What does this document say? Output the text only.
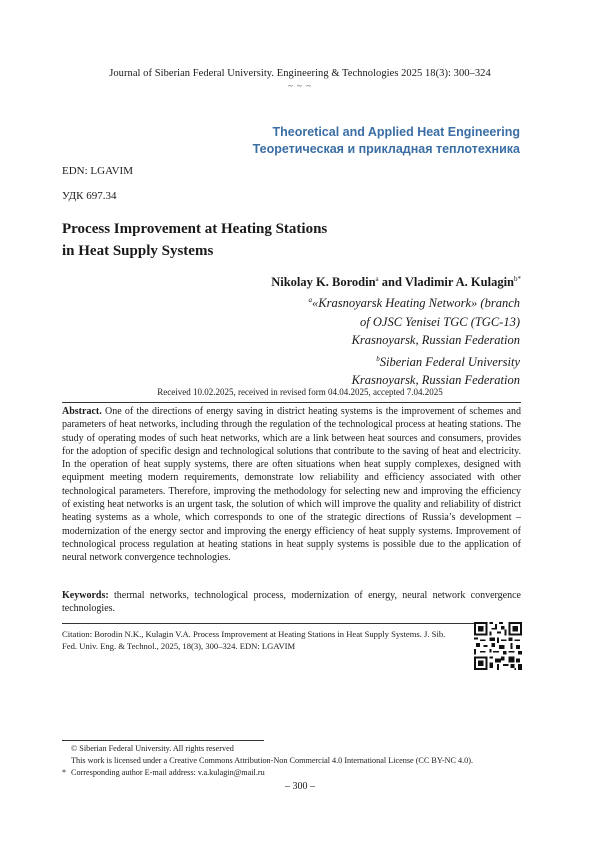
Journal of Siberian Federal University. Engineering & Technologies 2025 18(3): 300–324
~ ~ ~
Theoretical and Applied Heat Engineering
Теоретическая и прикладная теплотехника
EDN: LGAVIM
УДК 697.34
Process Improvement at Heating Stations
in Heat Supply Systems
Nikolay K. Borodin$^a$ and Vladimir A. Kulagin$^{b*}$
$^a$«Krasnoyarsk Heating Network» (branch
of OJSC Yenisei TGC (TGC-13)
Krasnoyarsk, Russian Federation
$^b$Siberian Federal University
Krasnoyarsk, Russian Federation
Received 10.02.2025, received in revised form 04.04.2025, accepted 7.04.2025
Abstract. One of the directions of energy saving in district heating systems is the improvement of schemes and parameters of heat networks, including through the regulation of the technological process at heating stations. The study of operating modes of such heat networks, which are a link between heat sources and consumers, provides for the adoption of specific design and technological solutions that contribute to the saving of heat and electricity. In the operation of heat supply systems, there are often situations when heat supply complexes, designed with equipment meeting modern requirements, demonstrate low reliability and efficiency associated with other technological parameters. Therefore, improving the methodology for selecting new and improving the efficiency of existing heat networks is an urgent task, the solution of which will improve the quality and reliability of district heating systems as a whole, which corresponds to one of the strategic directions of Russia’s development – modernization of the energy sector and improving the energy efficiency of heat supply systems. Improvement of technological process regulation at heating stations in heat supply systems is possible due to the application of neural network convergence technologies.
Keywords: thermal networks, technological process, modernization of energy, neural network convergence technologies.
Citation: Borodin N.K., Kulagin V.A. Process Improvement at Heating Stations in Heat Supply Systems. J. Sib. Fed. Univ. Eng. & Technol., 2025, 18(3), 300–324. EDN: LGAVIM
© Siberian Federal University. All rights reserved
This work is licensed under a Creative Commons Attribution-Non Commercial 4.0 International License (CC BY-NC 4.0).
* Corresponding author E-mail address: v.a.kulagin@mail.ru
– 300 –
